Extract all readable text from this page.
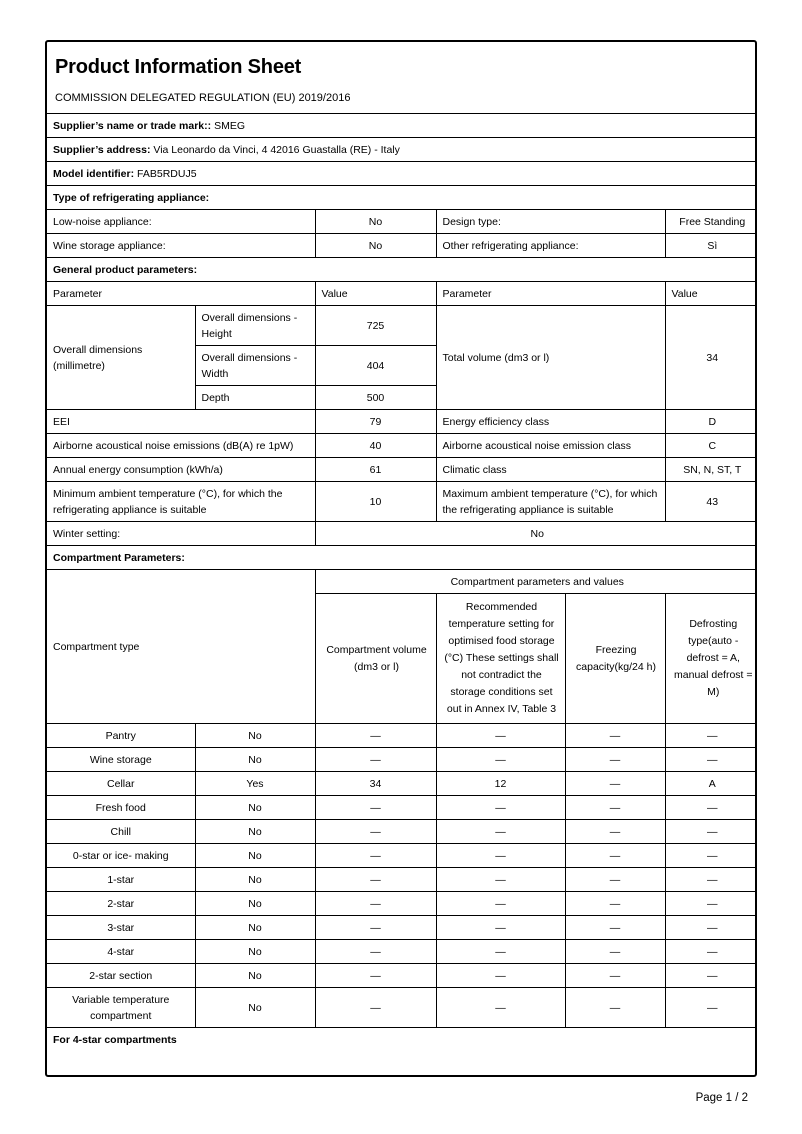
Product Information Sheet
COMMISSION DELEGATED REGULATION (EU) 2019/2016
Supplier’s name or trade mark:: SMEG					
Supplier’s address: Via Leonardo da Vinci, 4 42016 Guastalla (RE) - Italy					
Model identifier: FAB5RDUJ5					
Type of refrigerating appliance:					
Low-noise appliance:		No	Design type:		Free Standing
Wine storage appliance:		No	Other refrigerating appliance:		Sì
General product parameters:					
Parameter		Value	Parameter		Value
Overall dimensions (millimetre)	Overall dimensions - Height	725	Total volume (dm3 or l)		34
	Overall dimensions - Width	404			
	Depth	500			
EEI		79	Energy efficiency class		D
Airborne acoustical noise emissions (dB(A) re 1pW)		40	Airborne acoustical noise emission class		C
Annual energy consumption (kWh/a)		61	Climatic class		SN, N, ST, T
Minimum ambient temperature (°C), for which the refrigerating appliance is suitable		10	Maximum ambient temperature (°C), for which the refrigerating appliance is suitable		43
Winter setting:		No			
Compartment Parameters:					
Compartment type		Compartment parameters and values			
		Compartment volume (dm3 or l)	Recommended temperature setting for optimised food storage (°C) These settings shall not contradict the storage conditions set out in Annex IV, Table 3	Freezing capacity(kg/24 h)	Defrosting type(auto - defrost = A, manual defrost = M)
Pantry	No	—	—	—	—
Wine storage	No	—	—	—	—
Cellar	Yes	34	12	—	A
Fresh food	No	—	—	—	—
Chill	No	—	—	—	—
0-star or ice- making	No	—	—	—	—
1-star	No	—	—	—	—
2-star	No	—	—	—	—
3-star	No	—	—	—	—
4-star	No	—	—	—	—
2-star section	No	—	—	—	—
Variable temperature compartment	No	—	—	—	—
For 4-star compartments					
Page 1 / 2
